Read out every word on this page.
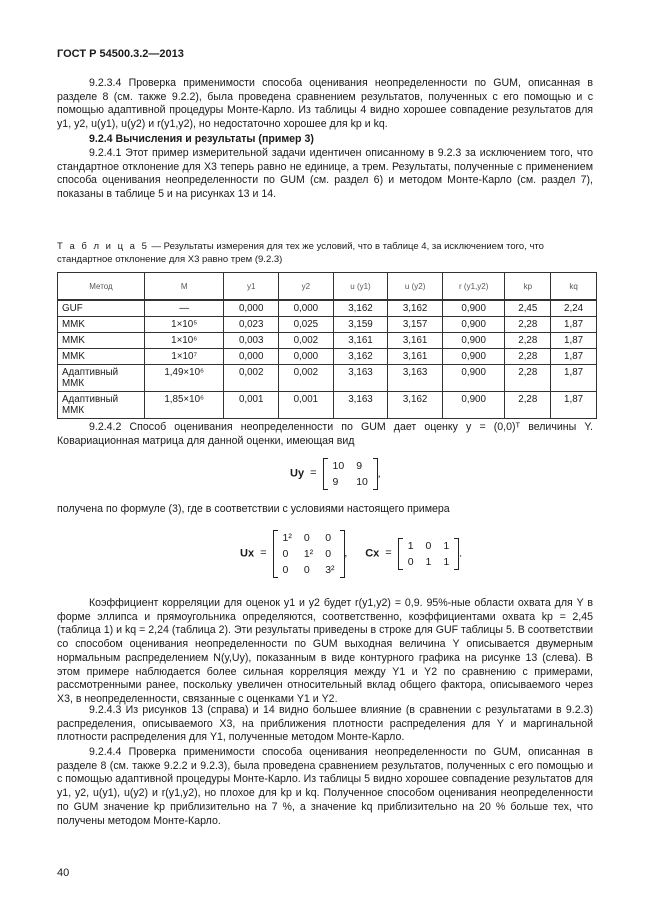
ГОСТ Р 54500.3.2—2013
9.2.3.4 Проверка применимости способа оценивания неопределенности по GUM, описанная в разделе 8 (см. также 9.2.2), была проведена сравнением результатов, полученных с его помощью и с помощью адаптивной процедуры Монте-Карло. Из таблицы 4 видно хорошее совпадение результатов для y1, y2, u(y1), u(y2) и r(y1,y2), но недостаточно хорошее для kp и kq.
9.2.4 Вычисления и результаты (пример 3)
9.2.4.1 Этот пример измерительной задачи идентичен описанному в 9.2.3 за исключением того, что стандартное отклонение для X3 теперь равно не единице, а трем. Результаты, полученные с применением способа оценивания неопределенности по GUM (см. раздел 6) и методом Монте-Карло (см. раздел 7), показаны в таблице 5 и на рисунках 13 и 14.
Т а б л и ц а 5 — Результаты измерения для тех же условий, что в таблице 4, за исключением того, что стандартное отклонение для X3 равно трем (9.2.3)
Метод	M	y1	y2	u (y1)	u (y2)	r (y1,y2)	kp	kq
GUF	—	0,000	0,000	3,162	3,162	0,900	2,45	2,24
МMK	1×10⁵	0,023	0,025	3,159	3,157	0,900	2,28	1,87
МMK	1×10⁶	0,003	0,002	3,161	3,161	0,900	2,28	1,87
МMK	1×10⁷	0,000	0,000	3,162	3,161	0,900	2,28	1,87
Адаптивный ММК	1,49×10⁶	0,002	0,002	3,163	3,163	0,900	2,28	1,87
Адаптивный ММК	1,85×10⁶	0,001	0,001	3,163	3,162	0,900	2,28	1,87
9.2.4.2 Способ оценивания неопределенности по GUM дает оценку y = (0,0)ᵀ величины Y. Ковариационная матрица для данной оценки, имеющая вид
Uy =
10	9
9	10
,
получена по формуле (3), где в соответствии с условиями настоящего примера
Ux =
1²	0	0
0	1²	0
0	0	3²
, Cx =
1	0	1
0	1	1
.
Коэффициент корреляции для оценок y1 и y2 будет r(y1,y2) = 0,9. 95%-ные области охвата для Y в форме эллипса и прямоугольника определяются, соответственно, коэффициентами охвата kp = 2,45 (таблица 1) и kq = 2,24 (таблица 2). Эти результаты приведены в строке для GUF таблицы 5. В соответствии со способом оценивания неопределенности по GUM выходная величина Y описывается двумерным нормальным распределением N(y,Uy), показанным в виде контурного графика на рисунке 13 (слева). В этом примере наблюдается более сильная корреляция между Y1 и Y2 по сравнению с примерами, рассмотренными ранее, поскольку увеличен относительный вклад общего фактора, описываемого через X3, в неопределенности, связанные с оценками Y1 и Y2.
9.2.4.3 Из рисунков 13 (справа) и 14 видно большее влияние (в сравнении с результатами в 9.2.3) распределения, описываемого X3, на приближения плотности распределения для Y и маргинальной плотности распределения для Y1, полученные методом Монте-Карло.
9.2.4.4 Проверка применимости способа оценивания неопределенности по GUM, описанная в разделе 8 (см. также 9.2.2 и 9.2.3), была проведена сравнением результатов, полученных с его помощью и с помощью адаптивной процедуры Монте-Карло. Из таблицы 5 видно хорошее совпадение результатов для y1, y2, u(y1), u(y2) и r(y1,y2), но плохое для kp и kq. Полученное способом оценивания неопределенности по GUM значение kp приблизительно на 7 %, а значение kq приблизительно на 20 % больше тех, что получены методом Монте-Карло.
40
